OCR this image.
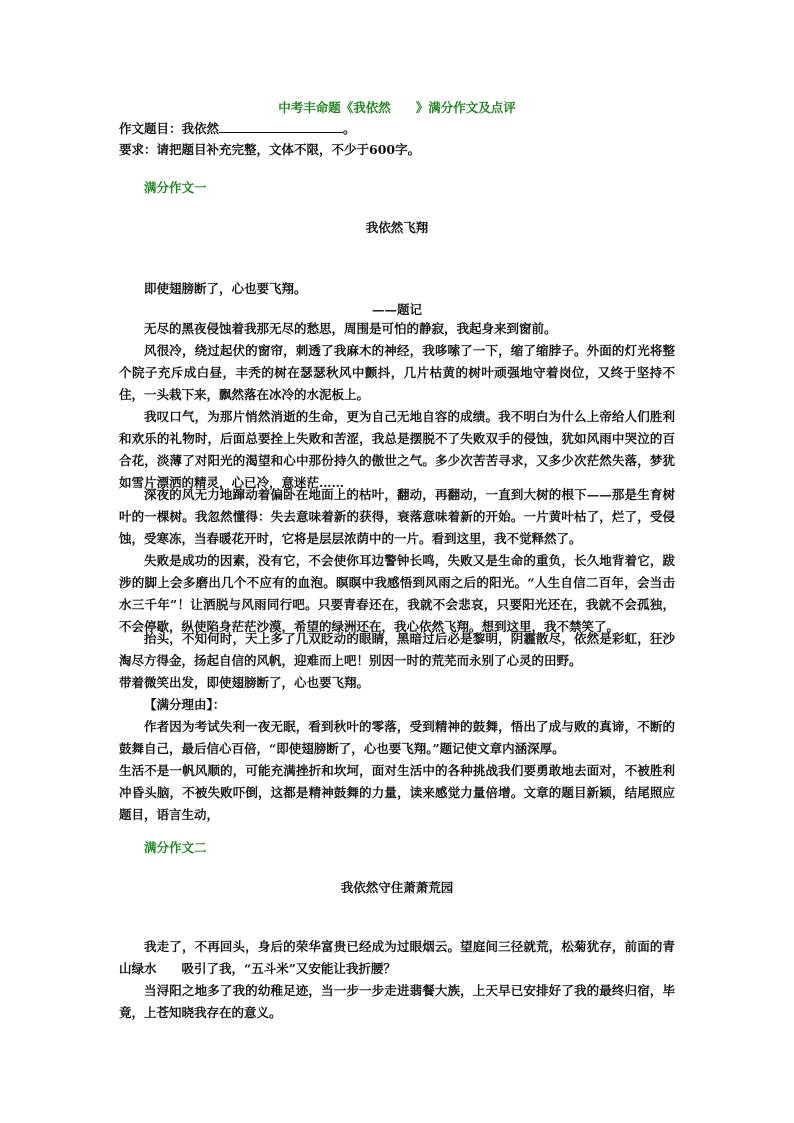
中考丰命题《我依然　　》满分作文及点评
作文题目：我依然	。
要求：请把题目补充完整，文体不限，不少于600字。
满分作文一
我依然飞翔
即使翅膀断了，心也要飞翔。
——题记
无尽的黑夜侵蚀着我那无尽的愁思，周围是可怕的静寂，我起身来到窗前。
风很冷，绕过起伏的窗帘，刺透了我麻木的神经，我哆嗦了一下，缩了缩脖子。外面的灯光将整个院子充斥成白昼，丰秃的树在瑟瑟秋风中颤抖，几片枯黄的树叶顽强地守着岗位，又终于坚持不住，一头栽下来，飘然落在冰冷的水泥板上。
我叹口气，为那片悄然消逝的生命，更为自己无地自容的成绩。我不明白为什么上帝给人们胜利和欢乐的礼物时，后面总要拴上失败和苦涩，我总是摆脱不了失败双手的侵蚀，犹如风雨中哭泣的百合花，淡薄了对阳光的渴望和心中那份持久的傲世之气。多少次苦苦寻求，又多少次茫然失落，梦犹如雪片漂洒的精灵，心已冷，意迷茫……
深夜的风无力地蹿动着偏卧在地面上的枯叶，翻动，再翻动，一直到大树的根下——那是生育树叶的一棵树。我忽然懂得：失去意味着新的获得，衰落意味着新的开始。一片黄叶枯了，烂了，受侵蚀，受寒冻，当春暖花开时，它将是层层浓荫中的一片。看到这里，我不觉释然了。
失败是成功的因素，没有它，不会使你耳边警钟长鸣，失败又是生命的重负，长久地背着它，跋涉的脚上会多磨出几个不应有的血泡。瞑瞑中我感悟到风雨之后的阳光。“人生自信二百年，会当击水三千年”！让洒脱与风雨同行吧。只要青春还在，我就不会悲哀，只要阳光还在，我就不会孤独，不会停歇，纵使陷身茫茫沙漠，希望的绿洲还在，我心依然飞翔。想到这里，我不禁笑了。
抬头，不知何时，天上多了几双眨动的眼睛，黑暗过后必是黎明，阴霾散尽，依然是彩虹，狂沙淘尽方得金，扬起自信的风帆，迎难而上吧！别因一时的荒芜而永别了心灵的田野。
带着微笑出发，即使翅膀断了，心也要飞翔。
【满分理由】：
作者因为考试失利一夜无眠，看到秋叶的零落，受到精神的鼓舞，悟出了成与败的真谛，不断的鼓舞自己，最后信心百倍，“即使翅膀断了，心也要飞翔。”题记使文章内涵深厚。
生活不是一帆风顺的，可能充满挫折和坎坷，面对生活中的各种挑战我们要勇敢地去面对，不被胜利冲昏头脑，不被失败吓倒，这都是精神鼓舞的力量，读来感觉力量倍增。文章的题目新颖，结尾照应题目，语言生动，
满分作文二
我依然守住萧萧荒园
我走了，不再回头，身后的荣华富贵已经成为过眼烟云。望庭间三径就荒，松菊犹存，前面的青山绿水　　吸引了我，“五斗米”又安能让我折腰？
当浔阳之地多了我的幼稚足迹，当一步一步走进翡餐大族，上天早已安排好了我的最终归宿，毕竟，上苍知晓我存在的意义。
